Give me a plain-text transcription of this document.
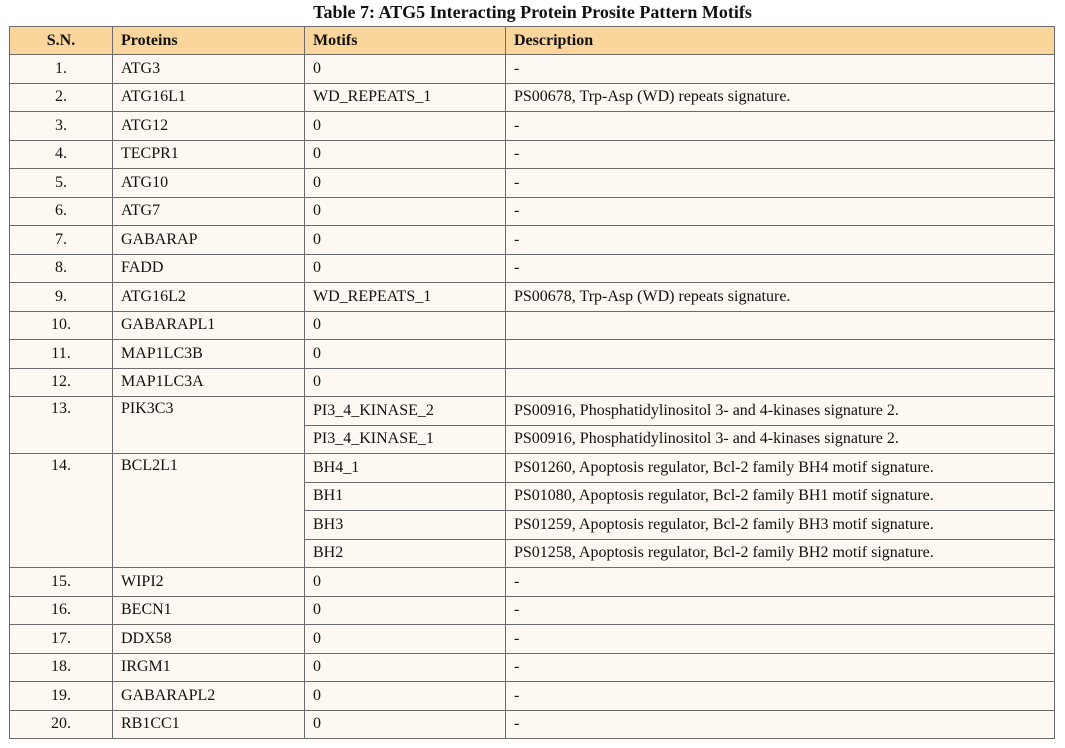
Table 7: ATG5 Interacting Protein Prosite Pattern Motifs
S.N.	Proteins	Motifs	Description
1.	ATG3	0	-
2.	ATG16L1	WD_REPEATS_1	PS00678, Trp-Asp (WD) repeats signature.
3.	ATG12	0	-
4.	TECPR1	0	-
5.	ATG10	0	-
6.	ATG7	0	-
7.	GABARAP	0	-
8.	FADD	0	-
9.	ATG16L2	WD_REPEATS_1	PS00678, Trp-Asp (WD) repeats signature.
10.	GABARAPL1	0	
11.	MAP1LC3B	0	
12.	MAP1LC3A	0	
13.	PIK3C3	PI3_4_KINASE_2	PS00916, Phosphatidylinositol 3- and 4-kinases signature 2.
		PI3_4_KINASE_1	PS00916, Phosphatidylinositol 3- and 4-kinases signature 2.
14.	BCL2L1	BH4_1	PS01260, Apoptosis regulator, Bcl-2 family BH4 motif signature.
		BH1	PS01080, Apoptosis regulator, Bcl-2 family BH1 motif signature.
		BH3	PS01259, Apoptosis regulator, Bcl-2 family BH3 motif signature.
		BH2	PS01258, Apoptosis regulator, Bcl-2 family BH2 motif signature.
15.	WIPI2	0	-
16.	BECN1	0	-
17.	DDX58	0	-
18.	IRGM1	0	-
19.	GABARAPL2	0	-
20.	RB1CC1	0	-
